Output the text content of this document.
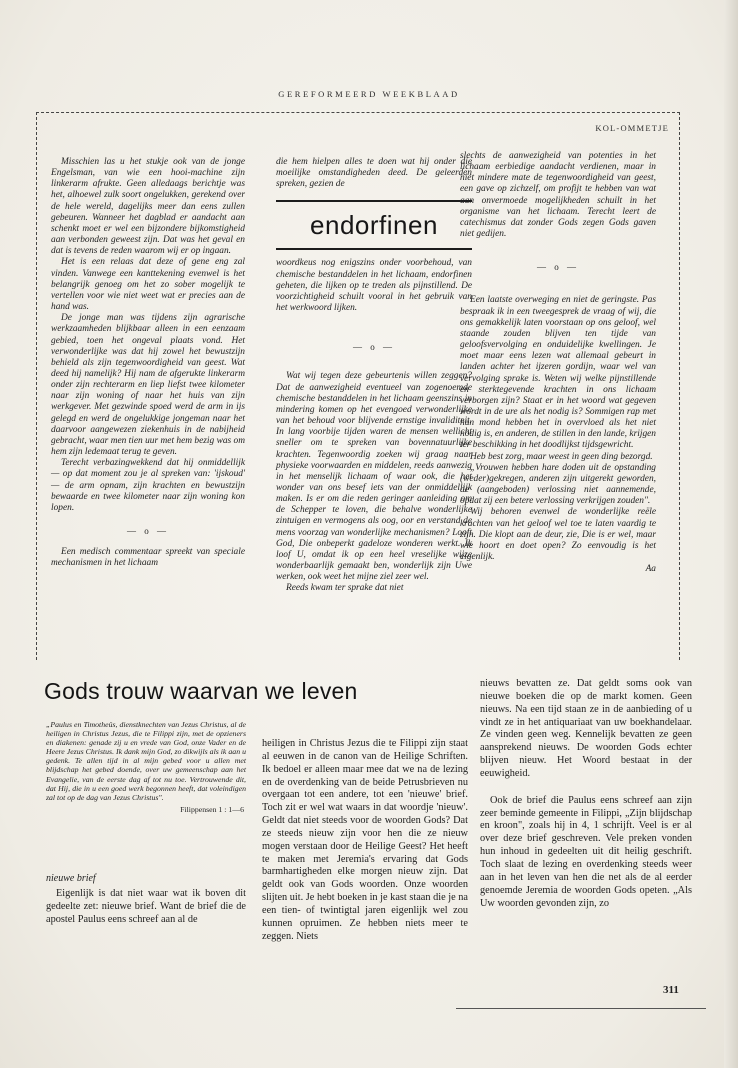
GEREFORMEERD WEEKBLAAD
KOL-OMMETJE

Misschien las u het stukje ook van de jonge Engelsman, van wie een hooi-machine zijn linkerarm afrukte. Geen alledaags berichtje was het, alhoewel zulk soort ongelukken, gerekend over de hele wereld, dagelijks meer dan eens zullen gebeuren. Wanneer het dagblad er aandacht aan schenkt moet er wel een bijzondere bijkomstigheid aan verbonden geweest zijn. Dat was het geval en dat is tevens de reden waarom wij er op ingaan.

Het is een relaas dat deze of gene eng zal vinden. Vanwege een kanttekening evenwel is het belangrijk genoeg om het zo sober mogelijk te vertellen voor wie niet weet wat er precies aan de hand was.

De jonge man was tijdens zijn agrarische werkzaamheden blijkbaar alleen in een eenzaam gebied, toen het ongeval plaats vond. Het verwonderlijke was dat hij zowel het bewustzijn behield als zijn tegenwoordigheid van geest. Wat deed hij namelijk? Hij nam de afgerukte linkerarm onder zijn rechterarm en liep liefst twee kilometer naar zijn woning of naar het huis van zijn werkgever. Met gezwinde spoed werd de arm in ijs gelegd en werd de ongelukkige jongeman naar het daarvoor aangewezen ziekenhuis in de nabijheid gebracht, waar men tien uur met hem bezig was om hem zijn ledemaat terug te geven.

Terecht verbazingwekkend dat hij onmiddellijk — op dat moment zou je al spreken van: 'ijskoud' — de arm opnam, zijn krachten en bewustzijn bewaarde en twee kilometer naar zijn woning kon lopen.

— o —

Een medisch commentaar spreekt van speciale mechanismen in het lichaam

die hem hielpen alles te doen wat hij onder die moeilijke omstandigheden deed. De geleerden spreken, gezien de

endorfinen

woordkeus nog enigszins onder voorbehoud, van chemische bestanddelen in het lichaam, endorfinen geheten, die lijken op te treden als pijnstillend. De voorzichtigheid schuilt vooral in het gebruik van het werkwoord lijken.

— o —

Wat wij tegen deze gebeurtenis willen zeggen? Dat de aanwezigheid eventueel van zogenoemde chemische bestanddelen in het lichaam geenszins in mindering komen op het evengoed verwonderlijke van het behoud voor blijvende ernstige invaliditeit. In lang voorbije tijden waren de mensen wellicht sneller om te spreken van bovennatuurlijke krachten. Tegenwoordig zoeken wij graag naar physieke voorwaarden en middelen, reeds aanwezig in het menselijk lichaam of waar ook, die het wonder van ons besef iets van der onmiddellijk maken. Is er om die reden geringer aanleiding om de Schepper te loven, die behalve wonderlijke zintuigen en vermogens als oog, oor en verstand de mens voorzag van wonderlijke mechanismen? Looft God, Die onbeperkt gadeloze wonderen werkt. Ik loof U, omdat ik op een heel vreselijke wijze wonderbaarlijk gemaakt ben, wonderlijk zijn Uwe werken, ook weet het mijne ziel zeer wel.

Reeds kwam ter sprake dat niet

slechts de aanwezigheid van potenties in het lichaam eerbiedige aandacht verdienen, maar in niet mindere mate de tegenwoordigheid van geest, een gave op zichzelf, om profijt te hebben van wat aan onvermoede mogelijkheden schuilt in het organisme van het lichaam. Terecht leert de catechismus dat zonder Gods zegen Gods gaven niet gedijen.

— o —

Een laatste overweging en niet de geringste. Pas bespraak ik in een tweegesprek de vraag of wij, die ons gemakkelijk laten voorstaan op ons geloof, wel staande zouden blijven ten tijde van geloofsvervolging en onduidelijke kwellingen. Je moet maar eens lezen wat allemaal gebeurt in landen achter het ijzeren gordijn, waar wel van vervolging sprake is. Weten wij welke pijnstillende en sterktegevende krachten in ons lichaam verborgen zijn? Staat er in het woord wat gegeven wordt in de ure als het nodig is? Sommigen rap met hun mond hebben het in overvloed als het niet nodig is, en anderen, de stillen in den lande, krijgen ter beschikking in het doodlijkst tijdsgewricht.

Heb best zorg, maar weest in geen ding bezorgd.

„Vrouwen hebben hare doden uit de opstanding (weder)gekregen, anderen zijn uitgerekt geworden, de (aangeboden) verlossing niet aannemende, opdat zij een betere verlossing verkrijgen zouden".

Wij behoren evenwel de wonderlijke reële krachten van het geloof wel toe te laten vaardig te zijn. Die klopt aan de deur, zie, Die is er wel, maar wie hoort en doet open? Zo eenvoudig is het eigenlijk.

Aa
Gods trouw waarvan we leven
„Paulus en Timotheüs, dienstknechten van Jezus Christus, al de heiligen in Christus Jezus, die te Filippi zijn, met de opzieners en diakenen: genade zij u en vrede van God, onze Vader en de Heere Jezus Christus. Ik dank mijn God, zo dikwijls als ik aan u gedenk. Te allen tijd in al mijn gebed voor u allen met blijdschap het gebed doende, over uw gemeenschap aan het Evangelie, van de eerste dag af tot nu toe. Vertrouwende dit, dat Hij, die in u een goed werk begonnen heeft, dat voleindigen zal tot op de dag van Jezus Christus".
Filippensen 1 : 1—6
nieuwe brief

Eigenlijk is dat niet waar wat ik boven dit gedeelte zet: nieuwe brief. Want de brief die de apostel Paulus eens schreef aan al de

heiligen in Christus Jezus die te Filippi zijn staat al eeuwen in de canon van de Heilige Schriften. Ik bedoel er alleen maar mee dat we na de lezing en de overdenking van de beide Petrusbrieven nu overgaan tot een andere, tot een 'nieuwe' brief. Toch zit er wel wat waars in dat woordje 'nieuw'. Geldt dat niet steeds voor de woorden Gods? Dat ze steeds nieuw zijn voor hen die ze nieuw mogen verstaan door de Heilige Geest? Het heeft te maken met Jeremia's ervaring dat Gods barmhartigheden elke morgen nieuw zijn. Dat geldt ook van Gods woorden. Onze woorden slijten uit. Je hebt boeken in je kast staan die je na een tien- of twintigtal jaren eigenlijk wel zou kunnen opruimen. Ze hebben niets meer te zeggen. Niets

nieuws bevatten ze. Dat geldt soms ook van nieuwe boeken die op de markt komen. Geen nieuws. Na een tijd staan ze in de aanbieding of u vindt ze in het antiquariaat van uw boekhandelaar. Ze vinden geen weg. Kennelijk bevatten ze geen aansprekend nieuws. De woorden Gods echter blijven nieuw. Het Woord bestaat in der eeuwigheid.

Ook de brief die Paulus eens schreef aan zijn zeer beminde gemeente in Filippi, „Zijn blijdschap en kroon", zoals hij in 4, 1 schrijft. Veel is er al over deze brief geschreven. Vele preken vonden hun inhoud in gedeelten uit dit heilig geschrift. Toch slaat de lezing en overdenking steeds weer aan in het leven van hen die net als de al eerder genoemde Jeremia de woorden Gods opeten. „Als Uw woorden gevonden zijn, zo

311
